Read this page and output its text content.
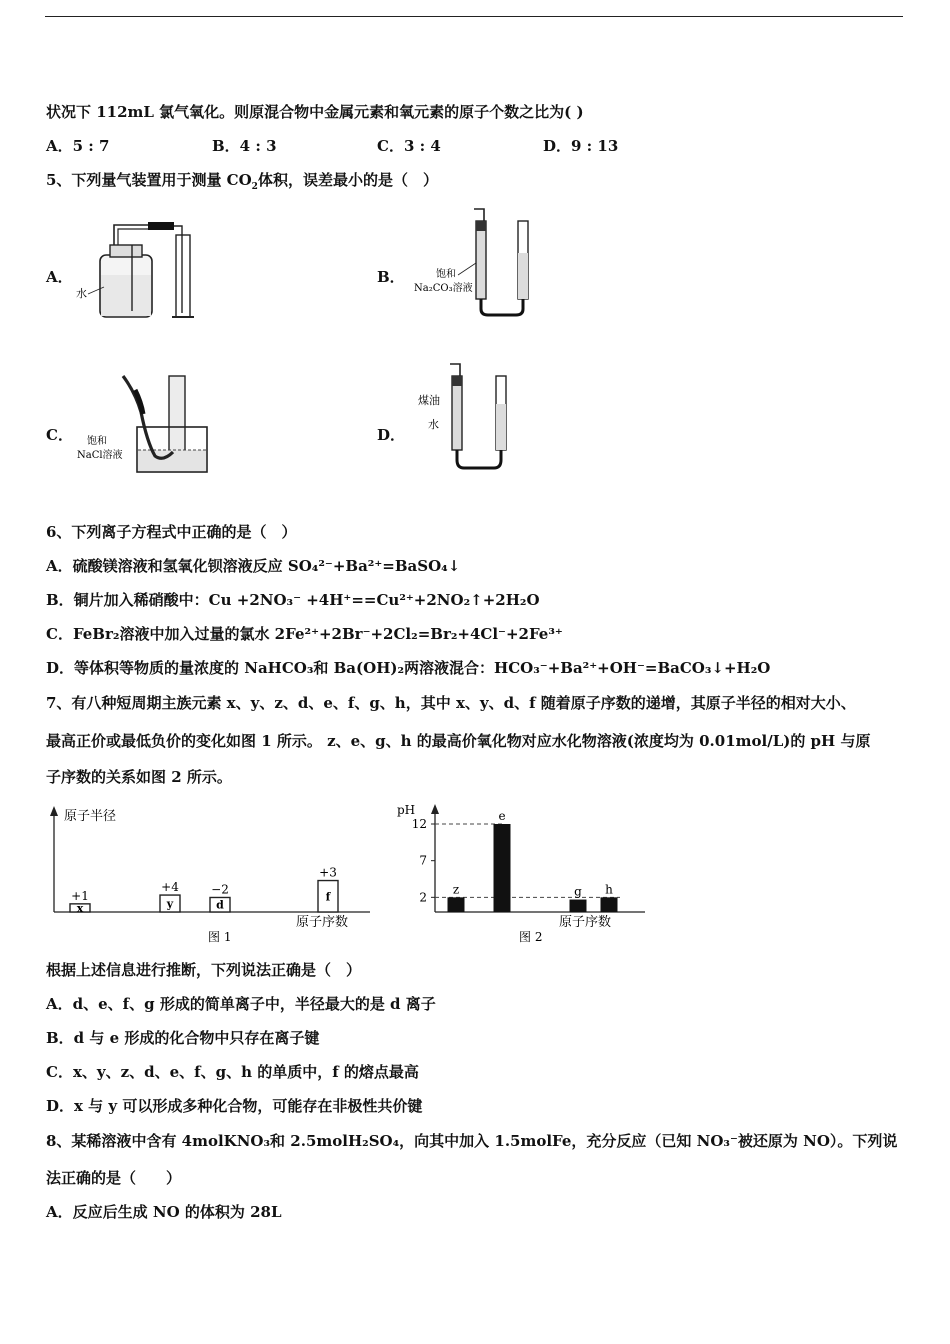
状况下 112mL 氯气氧化。则原混合物中金属元素和氧元素的原子个数之比为( )
A．5 : 7	B．4 : 3	C．3 : 4	D．9 : 13
5、下列量气装置用于测量 $CO_2$体积，误差最小的是（　）
A．	B．
C．	D．
水
饱和
Na₂CO₃溶液
饱和
NaCl溶液
煤油
水
6、下列离子方程式中正确的是（　）
A．硫酸镁溶液和氢氧化钡溶液反应 SO₄²⁻+Ba²⁺=BaSO₄↓
B．铜片加入稀硝酸中：Cu +2NO₃⁻ +4H⁺==Cu²⁺+2NO₂↑+2H₂O
C．FeBr₂溶液中加入过量的氯水 2Fe²⁺+2Br⁻+2Cl₂=Br₂+4Cl⁻+2Fe³⁺
D．等体积等物质的量浓度的 NaHCO₃和 Ba(OH)₂两溶液混合：HCO₃⁻+Ba²⁺+OH⁻=BaCO₃↓+H₂O
7、有八种短周期主族元素 x、y、z、d、e、f、g、h，其中 x、y、d、f 随着原子序数的递增，其原子半径的相对大小、
最高正价或最低负价的变化如图 1 所示。 z、e、g、h 的最高价氧化物对应水化物溶液(浓度均为 0.01mol/L)的 pH 与原
子序数的关系如图 2 所示。
原子半径
原子序数
图 1
x
+1
y
+4
d
−2
f
+3
pH
原子序数
图 2
2
7
12
z
e
g h
根据上述信息进行推断，下列说法正确是（　）
A．d、e、f、g 形成的简单离子中，半径最大的是 d 离子
B．d 与 e 形成的化合物中只存在离子键
C．x、y、z、d、e、f、g、h 的单质中，f 的熔点最高
D．x 与 y 可以形成多种化合物，可能存在非极性共价键
8、某稀溶液中含有 4molKNO₃和 2.5molH₂SO₄，向其中加入 1.5molFe，充分反应（已知 NO₃⁻被还原为 NO）。下列说
法正确的是（　　）
A．反应后生成 NO 的体积为 28L
